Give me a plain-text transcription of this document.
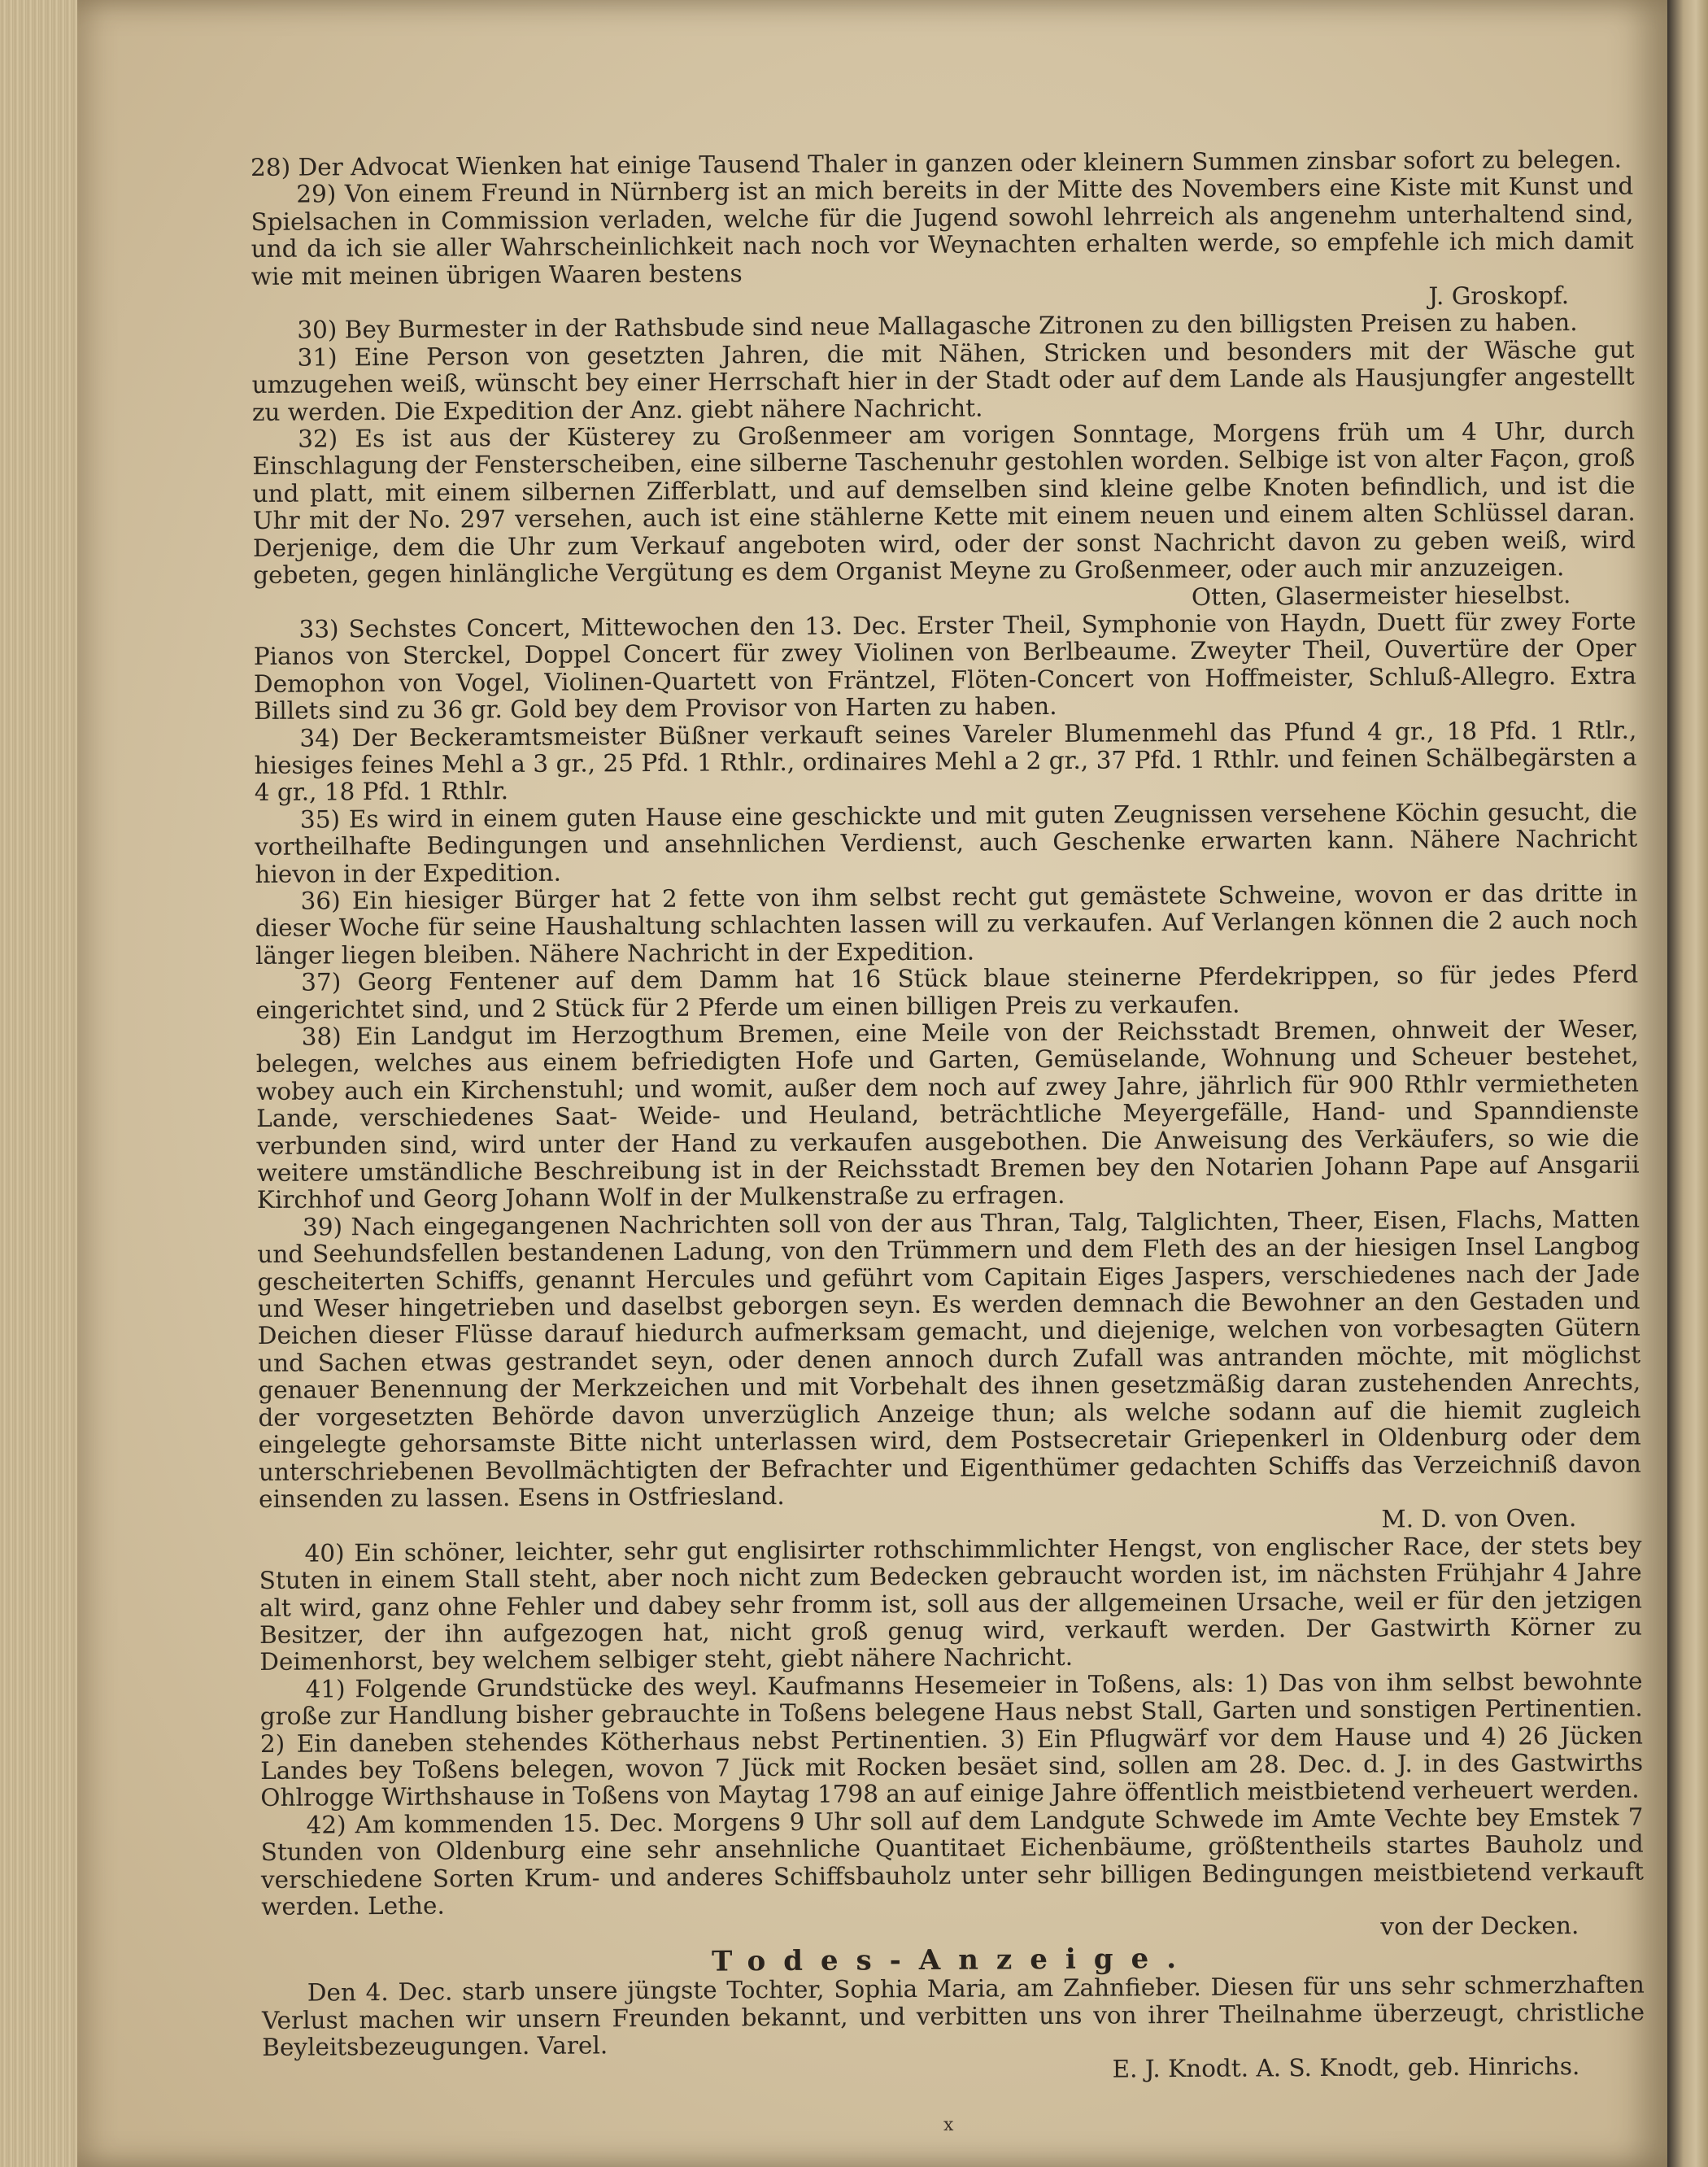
28) Der Advocat Wienken hat einige Tausend Thaler in ganzen oder kleinern Summen zinsbar sofort zu belegen.

29) Von einem Freund in Nürnberg ist an mich bereits in der Mitte des Novembers eine Kiste mit Kunst und Spielsachen in Commission verladen, welche für die Jugend sowohl lehrreich als angenehm unterhaltend sind, und da ich sie aller Wahrscheinlichkeit nach noch vor Weynachten erhalten werde, so empfehle ich mich damit wie mit meinen übrigen Waaren bestens

J. Groskopf.

30) Bey Burmester in der Rathsbude sind neue Mallagasche Zitronen zu den billigsten Preisen zu haben.

31) Eine Person von gesetzten Jahren, die mit Nähen, Stricken und besonders mit der Wäsche gut umzugehen weiß, wünscht bey einer Herrschaft hier in der Stadt oder auf dem Lande als Hausjungfer angestellt zu werden. Die Expedition der Anz. giebt nähere Nachricht.

32) Es ist aus der Küsterey zu Großenmeer am vorigen Sonntage, Morgens früh um 4 Uhr, durch Einschlagung der Fensterscheiben, eine silberne Taschenuhr gestohlen worden. Selbige ist von alter Façon, groß und platt, mit einem silbernen Zifferblatt, und auf demselben sind kleine gelbe Knoten befindlich, und ist die Uhr mit der No. 297 versehen, auch ist eine stählerne Kette mit einem neuen und einem alten Schlüssel daran. Derjenige, dem die Uhr zum Verkauf angeboten wird, oder der sonst Nachricht davon zu geben weiß, wird gebeten, gegen hinlängliche Vergütung es dem Organist Meyne zu Großenmeer, oder auch mir anzuzeigen.

Otten, Glasermeister hieselbst.

33) Sechstes Concert, Mittewochen den 13. Dec. Erster Theil, Symphonie von Haydn, Duett für zwey Forte Pianos von Sterckel, Doppel Concert für zwey Violinen von Berlbeaume. Zweyter Theil, Ouvertüre der Oper Demophon von Vogel, Violinen-Quartett von Fräntzel, Flöten-Concert von Hoffmeister, Schluß-Allegro. Extra Billets sind zu 36 gr. Gold bey dem Provisor von Harten zu haben.

34) Der Beckeramtsmeister Büßner verkauft seines Vareler Blumenmehl das Pfund 4 gr., 18 Pfd. 1 Rtlr., hiesiges feines Mehl a 3 gr., 25 Pfd. 1 Rthlr., ordinaires Mehl a 2 gr., 37 Pfd. 1 Rthlr. und feinen Schälbegärsten a 4 gr., 18 Pfd. 1 Rthlr.

35) Es wird in einem guten Hause eine geschickte und mit guten Zeugnissen versehene Köchin gesucht, die vortheilhafte Bedingungen und ansehnlichen Verdienst, auch Geschenke erwarten kann. Nähere Nachricht hievon in der Expedition.

36) Ein hiesiger Bürger hat 2 fette von ihm selbst recht gut gemästete Schweine, wovon er das dritte in dieser Woche für seine Haushaltung schlachten lassen will zu verkaufen. Auf Verlangen können die 2 auch noch länger liegen bleiben. Nähere Nachricht in der Expedition.

37) Georg Fentener auf dem Damm hat 16 Stück blaue steinerne Pferdekrippen, so für jedes Pferd eingerichtet sind, und 2 Stück für 2 Pferde um einen billigen Preis zu verkaufen.

38) Ein Landgut im Herzogthum Bremen, eine Meile von der Reichsstadt Bremen, ohnweit der Weser, belegen, welches aus einem befriedigten Hofe und Garten, Gemüselande, Wohnung und Scheuer bestehet, wobey auch ein Kirchenstuhl; und womit, außer dem noch auf zwey Jahre, jährlich für 900 Rthlr vermietheten Lande, verschiedenes Saat- Weide- und Heuland, beträchtliche Meyergefälle, Hand- und Spanndienste verbunden sind, wird unter der Hand zu verkaufen ausgebothen. Die Anweisung des Verkäufers, so wie die weitere umständliche Beschreibung ist in der Reichsstadt Bremen bey den Notarien Johann Pape auf Ansgarii Kirchhof und Georg Johann Wolf in der Mulkenstraße zu erfragen.

39) Nach eingegangenen Nachrichten soll von der aus Thran, Talg, Talglichten, Theer, Eisen, Flachs, Matten und Seehundsfellen bestandenen Ladung, von den Trümmern und dem Fleth des an der hiesigen Insel Langbog gescheiterten Schiffs, genannt Hercules und geführt vom Capitain Eiges Jaspers, verschiedenes nach der Jade und Weser hingetrieben und daselbst geborgen seyn. Es werden demnach die Bewohner an den Gestaden und Deichen dieser Flüsse darauf hiedurch aufmerksam gemacht, und diejenige, welchen von vorbesagten Gütern und Sachen etwas gestrandet seyn, oder denen annoch durch Zufall was antranden möchte, mit möglichst genauer Benennung der Merkzeichen und mit Vorbehalt des ihnen gesetzmäßig daran zustehenden Anrechts, der vorgesetzten Behörde davon unverzüglich Anzeige thun; als welche sodann auf die hiemit zugleich eingelegte gehorsamste Bitte nicht unterlassen wird, dem Postsecretair Griepenkerl in Oldenburg oder dem unterschriebenen Bevollmächtigten der Befrachter und Eigenthümer gedachten Schiffs das Verzeichniß davon einsenden zu lassen. Esens in Ostfriesland.

M. D. von Oven.

40) Ein schöner, leichter, sehr gut englisirter rothschimmlichter Hengst, von englischer Race, der stets bey Stuten in einem Stall steht, aber noch nicht zum Bedecken gebraucht worden ist, im nächsten Frühjahr 4 Jahre alt wird, ganz ohne Fehler und dabey sehr fromm ist, soll aus der allgemeinen Ursache, weil er für den jetzigen Besitzer, der ihn aufgezogen hat, nicht groß genug wird, verkauft werden. Der Gastwirth Körner zu Deimenhorst, bey welchem selbiger steht, giebt nähere Nachricht.

41) Folgende Grundstücke des weyl. Kaufmanns Hesemeier in Toßens, als: 1) Das von ihm selbst bewohnte große zur Handlung bisher gebrauchte in Toßens belegene Haus nebst Stall, Garten und sonstigen Pertinentien. 2) Ein daneben stehendes Kötherhaus nebst Pertinentien. 3) Ein Pflugwärf vor dem Hause und 4) 26 Jücken Landes bey Toßens belegen, wovon 7 Jück mit Rocken besäet sind, sollen am 28. Dec. d. J. in des Gastwirths Ohlrogge Wirthshause in Toßens von Maytag 1798 an auf einige Jahre öffentlich meistbietend verheuert werden.

42) Am kommenden 15. Dec. Morgens 9 Uhr soll auf dem Landgute Schwede im Amte Vechte bey Emstek 7 Stunden von Oldenburg eine sehr ansehnliche Quantitaet Eichenbäume, größtentheils startes Bauholz und verschiedene Sorten Krum- und anderes Schiffsbauholz unter sehr billigen Bedingungen meistbietend verkauft werden. Lethe.

von der Decken.

Todes-Anzeige.

Den 4. Dec. starb unsere jüngste Tochter, Sophia Maria, am Zahnfieber. Diesen für uns sehr schmerzhaften Verlust machen wir unsern Freunden bekannt, und verbitten uns von ihrer Theilnahme überzeugt, christliche Beyleitsbezeugungen. Varel.

E. J. Knodt. A. S. Knodt, geb. Hinrichs.

x
